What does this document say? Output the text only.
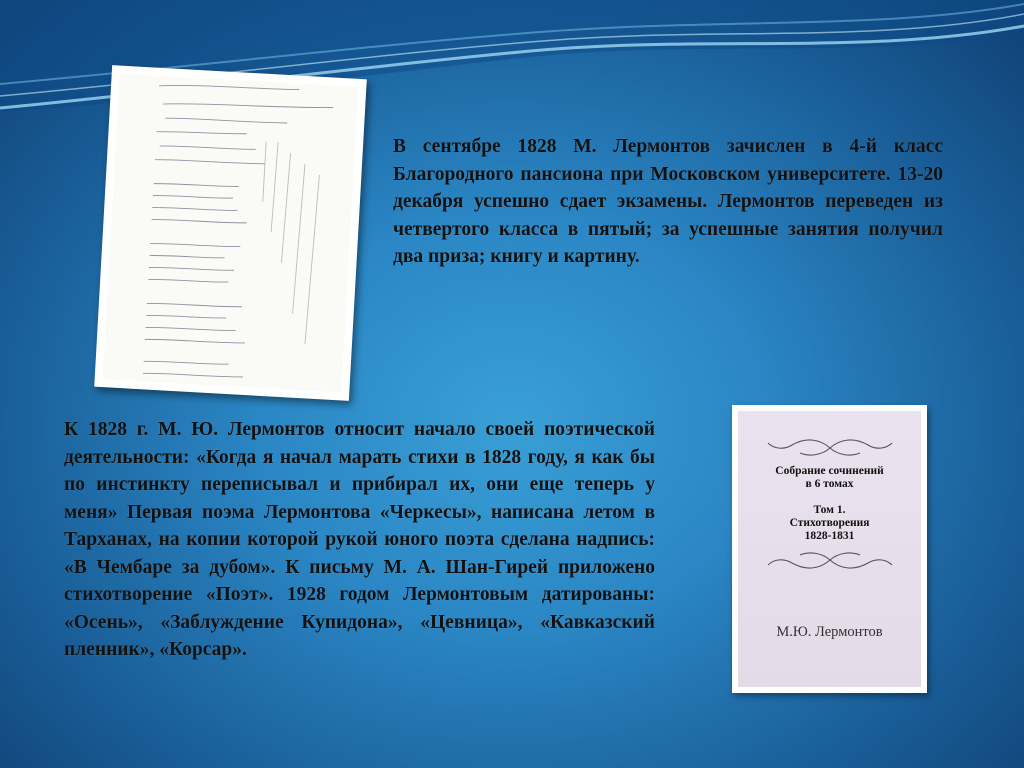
В сентябре 1828 М. Лермонтов зачислен в 4-й класс Благородного пансиона при Московском университете. 13-20 декабря успешно сдает экзамены. Лермонтов переведен из четвертого класса в пятый; за успешные занятия получил два приза; книгу и картину.
Собрание сочинений
в 6 томах
Том 1.
Стихотворения
1828-1831
М.Ю. Лермонтов
К 1828 г. М. Ю. Лермонтов относит начало своей поэтической деятельности: «Когда я начал марать стихи в 1828 году, я как бы по инстинкту переписывал и прибирал их, они еще теперь у меня» Первая поэма Лермонтова «Черкесы», написана летом в Тарханах, на копии которой рукой юного поэта сделана надпись: «В Чембаре за дубом». К письму М. А. Шан-Гирей приложено стихотворение «Поэт». 1928 годом Лермонтовым датированы: «Осень», «Заблуждение Купидона», «Цевница», «Кавказский пленник», «Корсар».
